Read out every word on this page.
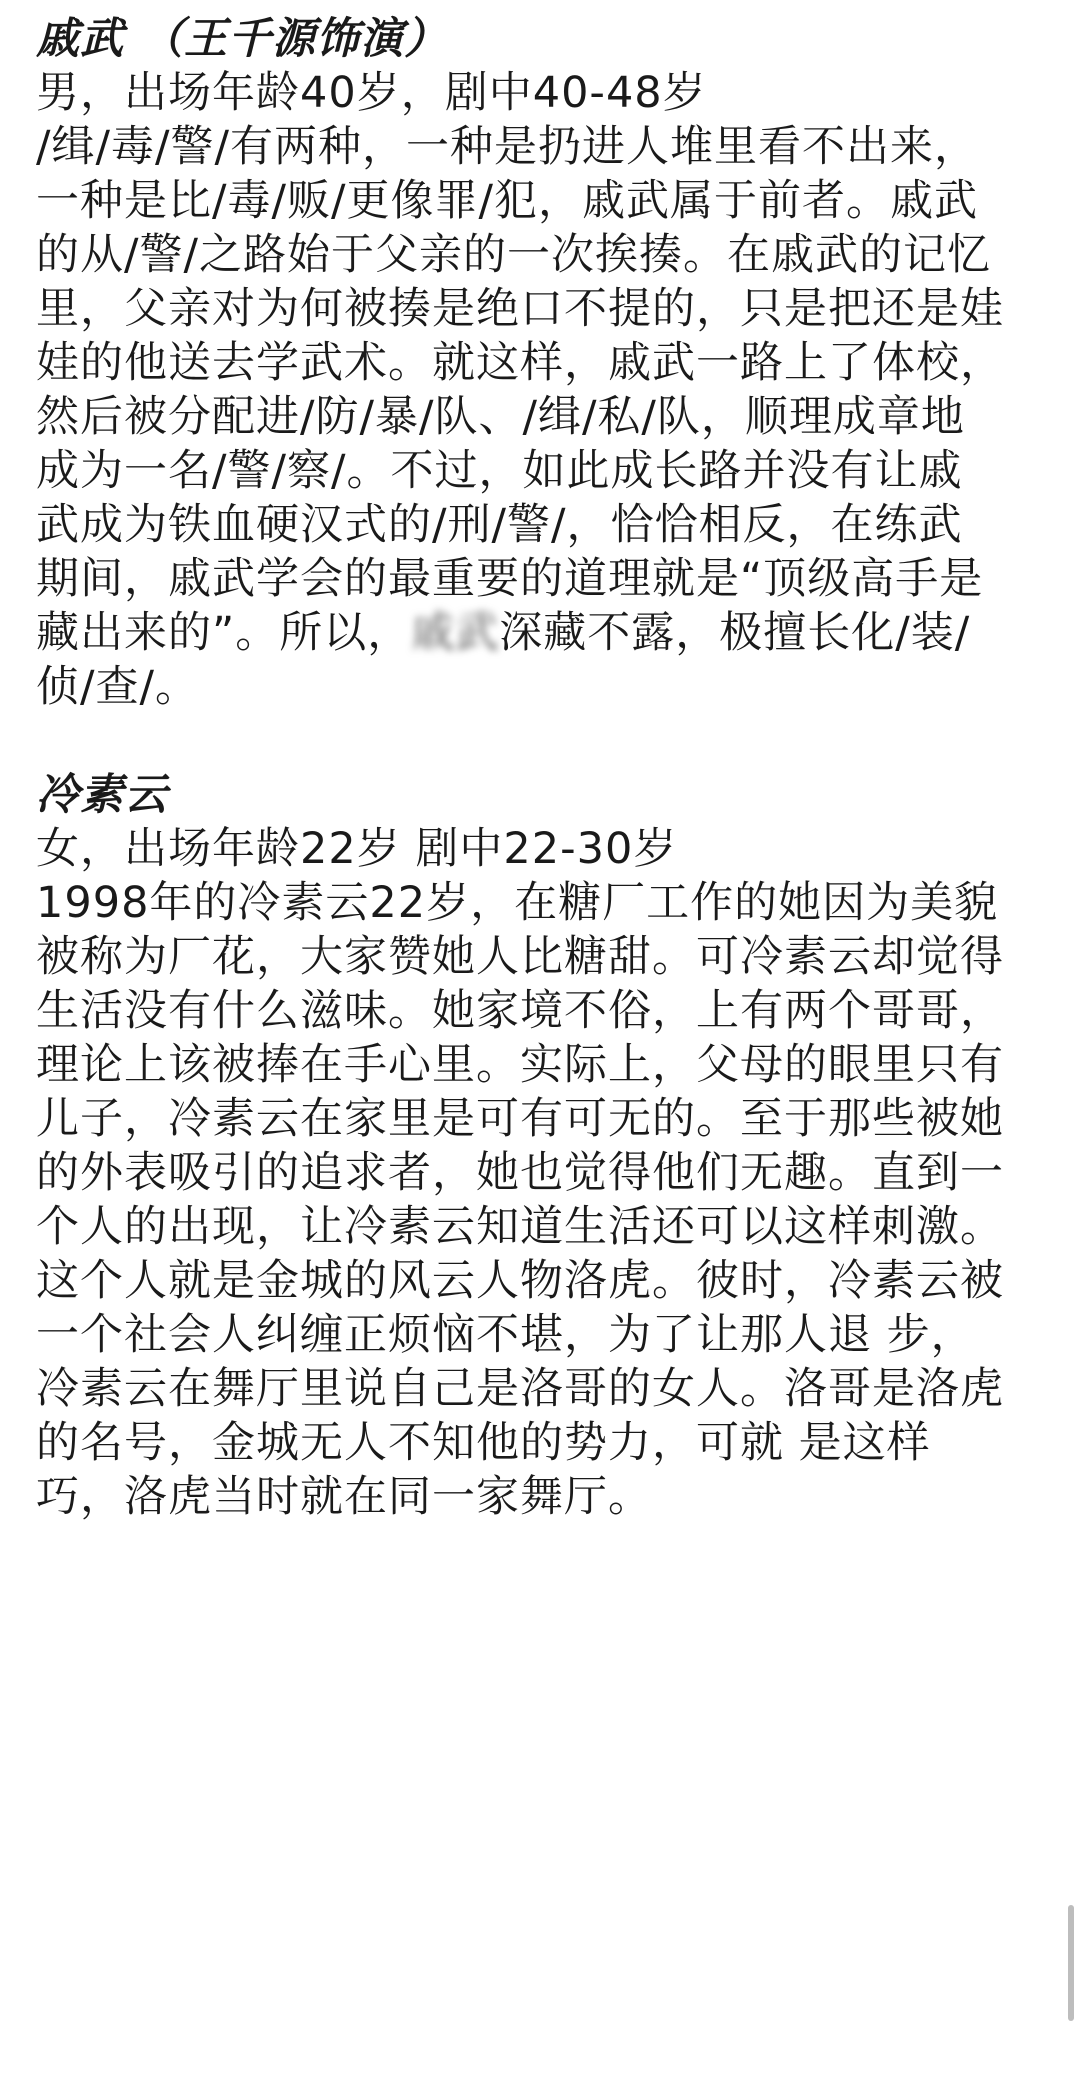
戚武 （王千源饰演）
男，出场年龄40岁，剧中40-48岁
/缉/毒/警/有两种，一种是扔进人堆里看不出来，
一种是比/毒/贩/更像罪/犯，戚武属于前者。戚武
的从/警/之路始于父亲的一次挨揍。在戚武的记忆
里，父亲对为何被揍是绝口不提的，只是把还是娃
娃的他送去学武术。就这样，戚武一路上了体校，
然后被分配进/防/暴/队、/缉/私/队，顺理成章地
成为一名/警/察/。不过，如此成长路并没有让戚
武成为铁血硬汉式的/刑/警/，恰恰相反，在练武
期间，戚武学会的最重要的道理就是“顶级高手是
藏出来的”。所以，戚武深藏不露，极擅长化/装/
侦/查/。
冷素云
女，出场年龄22岁 剧中22-30岁
1998年的冷素云22岁，在糖厂工作的她因为美貌
被称为厂花，大家赞她人比糖甜。可冷素云却觉得
生活没有什么滋味。她家境不俗，上有两个哥哥，
理论上该被捧在手心里。实际上，父母的眼里只有
儿子，冷素云在家里是可有可无的。至于那些被她
的外表吸引的追求者，她也觉得他们无趣。直到一
个人的出现，让冷素云知道生活还可以这样刺激。
这个人就是金城的风云人物洛虎。彼时，冷素云被
一个社会人纠缠正烦恼不堪，为了让那人退 步，
冷素云在舞厅里说自己是洛哥的女人。洛哥是洛虎
的名号，金城无人不知他的势力，可就 是这样
巧，洛虎当时就在同一家舞厅。
